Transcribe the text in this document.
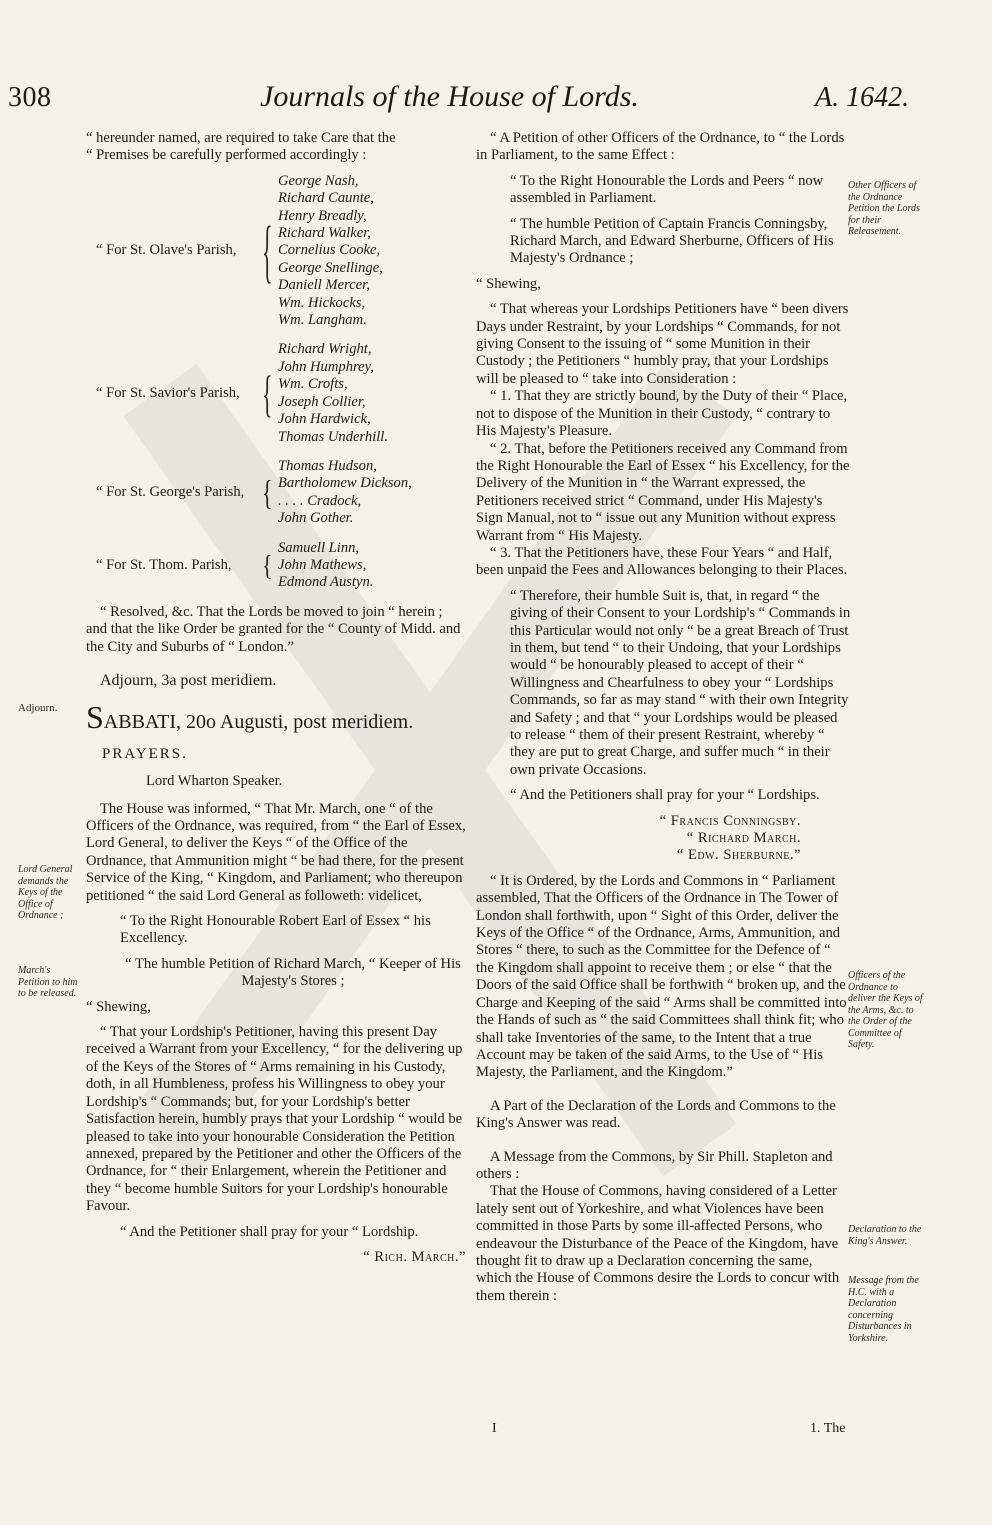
308	Journals of the House of Lords.	A. 1642.

“ hereunder named, are required to take Care that the

“ Premises be carefully performed accordingly :

“ For St. Olave's Parish,	{
George Nash,
Richard Caunte,
Henry Breadly,
Richard Walker,
Cornelius Cooke,
George Snellinge,
Daniell Mercer,
Wm. Hickocks,
Wm. Langham.
“ For St. Savior's Parish,	{
Richard Wright,
John Humphrey,
Wm. Crofts,
Joseph Collier,
John Hardwick,
Thomas Underhill.
“ For St. George's Parish, {
Thomas Hudson,
Bartholomew Dickson,
. . . . Cradock,
John Gother.
“ For St. Thom. Parish,	{
Samuell Linn,
John Mathews,
Edmond Austyn.

“ Resolved, &c. That the Lords be moved to join “ herein ; and that the like Order be granted for the “ County of Midd. and the City and Suburbs of “ London.”

Adjourn, 3a post meridiem.

SABBATI, 20o Augusti, post meridiem.
PRAYERS.
Lord Wharton Speaker.

The House was informed, “ That Mr. March, one “ of the Officers of the Ordnance, was required, from “ the Earl of Essex, Lord General, to deliver the Keys “ of the Office of the Ordnance, that Ammunition might “ be had there, for the present Service of the King, “ Kingdom, and Parliament; who thereupon petitioned “ the said Lord General as followeth: videlicet,

“ To the Right Honourable Robert Earl of Essex “ his Excellency.

“ The humble Petition of Richard March, “ Keeper of His Majesty's Stores ;

“ Shewing,

“ That your Lordship's Petitioner, having this present Day received a Warrant from your Excellency, “ for the delivering up of the Keys of the Stores of “ Arms remaining in his Custody, doth, in all Humbleness, profess his Willingness to obey your Lordship's “ Commands; but, for your Lordship's better Satisfaction herein, humbly prays that your Lordship “ would be pleased to take into your honourable Consideration the Petition annexed, prepared by the Petitioner and other the Officers of the Ordnance, for “ their Enlargement, wherein the Petitioner and they “ become humble Suitors for your Lordship's honourable Favour.

“ And the Petitioner shall pray for your “ Lordship.

“ Rich. March.”

“ A Petition of other Officers of the Ordnance, to “ the Lords in Parliament, to the same Effect :

“ To the Right Honourable the Lords and Peers “ now assembled in Parliament.

“ The humble Petition of Captain Francis Conningsby, Richard March, and Edward Sherburne, Officers of His Majesty's Ordnance ;

“ Shewing,

“ That whereas your Lordships Petitioners have “ been divers Days under Restraint, by your Lordships “ Commands, for not giving Consent to the issuing of “ some Munition in their Custody ; the Petitioners “ humbly pray, that your Lordships will be pleased to “ take into Consideration :

“ 1. That they are strictly bound, by the Duty of their “ Place, not to dispose of the Munition in their Custody, “ contrary to His Majesty's Pleasure.

“ 2. That, before the Petitioners received any Command from the Right Honourable the Earl of Essex “ his Excellency, for the Delivery of the Munition in “ the Warrant expressed, the Petitioners received strict “ Command, under His Majesty's Sign Manual, not to “ issue out any Munition without express Warrant from “ His Majesty.

“ 3. That the Petitioners have, these Four Years “ and Half, been unpaid the Fees and Allowances belonging to their Places.

“ Therefore, their humble Suit is, that, in regard “ the giving of their Consent to your Lordship's “ Commands in this Particular would not only “ be a great Breach of Trust in them, but tend “ to their Undoing, that your Lordships would “ be honourably pleased to accept of their “ Willingness and Chearfulness to obey your “ Lordships Commands, so far as may stand “ with their own Integrity and Safety ; and that “ your Lordships would be pleased to release “ them of their present Restraint, whereby “ they are put to great Charge, and suffer much “ in their own private Occasions.

“ And the Petitioners shall pray for your “ Lordships.

“ Francis Conningsby.

“ Richard March.

“ Edw. Sherburne.”

“ It is Ordered, by the Lords and Commons in “ Parliament assembled, That the Officers of the Ordnance in The Tower of London shall forthwith, upon “ Sight of this Order, deliver the Keys of the Office “ of the Ordnance, Arms, Ammunition, and Stores “ there, to such as the Committee for the Defence of “ the Kingdom shall appoint to receive them ; or else “ that the Doors of the said Office shall be forthwith “ broken up, and the Charge and Keeping of the said “ Arms shall be committed into the Hands of such as “ the said Committees shall think fit; who shall take Inventories of the same, to the Intent that a true Account may be taken of the said Arms, to the Use of “ His Majesty, the Parliament, and the Kingdom.”

A Part of the Declaration of the Lords and Commons to the King's Answer was read.

A Message from the Commons, by Sir Phill. Stapleton and others :

That the House of Commons, having considered of a Letter lately sent out of Yorkeshire, and what Violences have been committed in those Parts by some ill-affected Persons, who endeavour the Disturbance of the Peace of the Kingdom, have thought fit to draw up a Declaration concerning the same, which the House of Commons desire the Lords to concur with them therein :

Adjourn.
Lord General demands the Keys of the Office of Ordnance ;
March's Petition to him to be released.
Other Officers of the Ordnance Petition the Lords for their Releasement.
Officers of the Ordnance to deliver the Keys of the Arms, &c. to the Order of the Committee of Safety.
Declaration to the King's Answer.
Message from the H.C. with a Declaration concerning Disturbances in Yorkshire.
I	1. The
